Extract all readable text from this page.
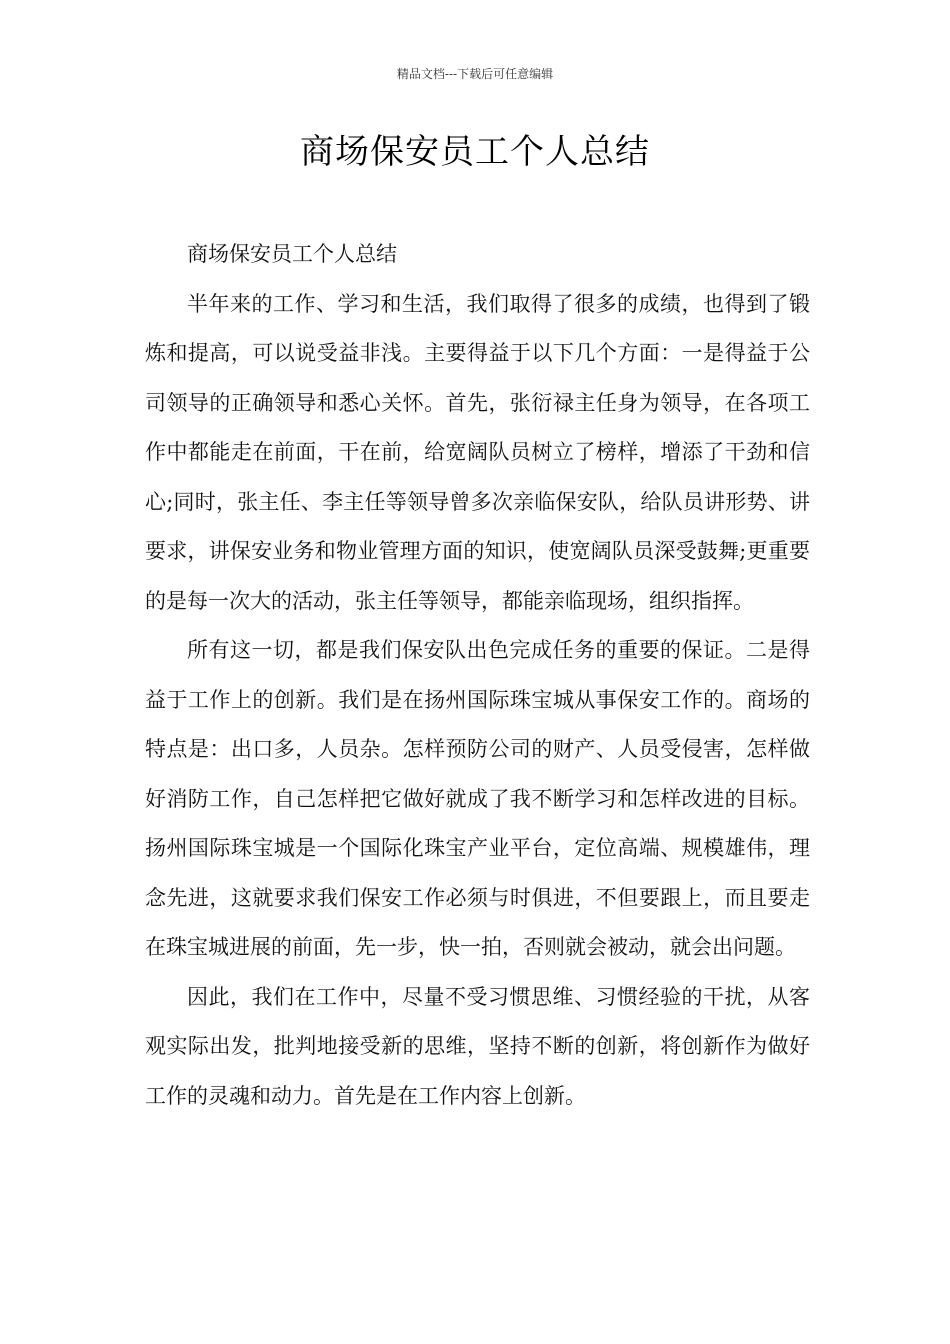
精品文档---下载后可任意编辑
商场保安员工个人总结

商场保安员工个人总结

半年来的工作、学习和生活，我们取得了很多的成绩，也得到了锻炼和提高，可以说受益非浅。主要得益于以下几个方面：一是得益于公司领导的正确领导和悉心关怀。首先，张衍禄主任身为领导，在各项工作中都能走在前面，干在前，给宽阔队员树立了榜样，增添了干劲和信心;同时，张主任、李主任等领导曾多次亲临保安队，给队员讲形势、讲要求，讲保安业务和物业管理方面的知识，使宽阔队员深受鼓舞;更重要的是每一次大的活动，张主任等领导，都能亲临现场，组织指挥。

所有这一切，都是我们保安队出色完成任务的重要的保证。二是得益于工作上的创新。我们是在扬州国际珠宝城从事保安工作的。商场的特点是：出口多，人员杂。怎样预防公司的财产、人员受侵害，怎样做好消防工作，自己怎样把它做好就成了我不断学习和怎样改进的目标。扬州国际珠宝城是一个国际化珠宝产业平台，定位高端、规模雄伟，理念先进，这就要求我们保安工作必须与时俱进，不但要跟上，而且要走在珠宝城进展的前面，先一步，快一拍，否则就会被动，就会出问题。

因此，我们在工作中，尽量不受习惯思维、习惯经验的干扰，从客观实际出发，批判地接受新的思维，坚持不断的创新，将创新作为做好工作的灵魂和动力。首先是在工作内容上创新。
